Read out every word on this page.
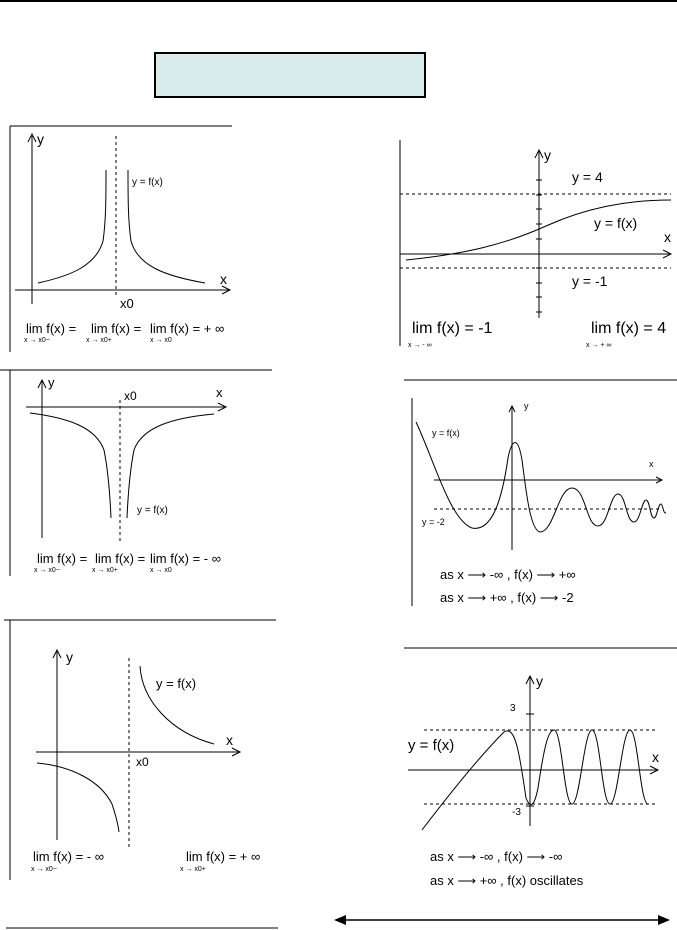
y
x
y = f(x)
x0
lim f(x) =
x → x0−
lim f(x) =
x → x0+
lim f(x) = + ∞
x → x0
y
x
x0
y = f(x)
lim f(x) =
x → x0−
lim f(x) =
x → x0+
lim f(x) = - ∞
x → x0
y
x
y = f(x)
x0
lim f(x) = - ∞
x → x0−
lim f(x) = + ∞
x → x0+
y
x
y = 4
y = f(x)
y = -1
lim f(x) = -1
x → - ∞
lim f(x) = 4
x → + ∞
y
x
y = f(x)
y = -2
as x ⟶ -∞ , f(x) ⟶ +∞
as x ⟶ +∞ , f(x) ⟶ -2
y
x
y = f(x)
3
-3
as x ⟶ -∞ , f(x) ⟶ -∞
as x ⟶ +∞ , f(x) oscillates
